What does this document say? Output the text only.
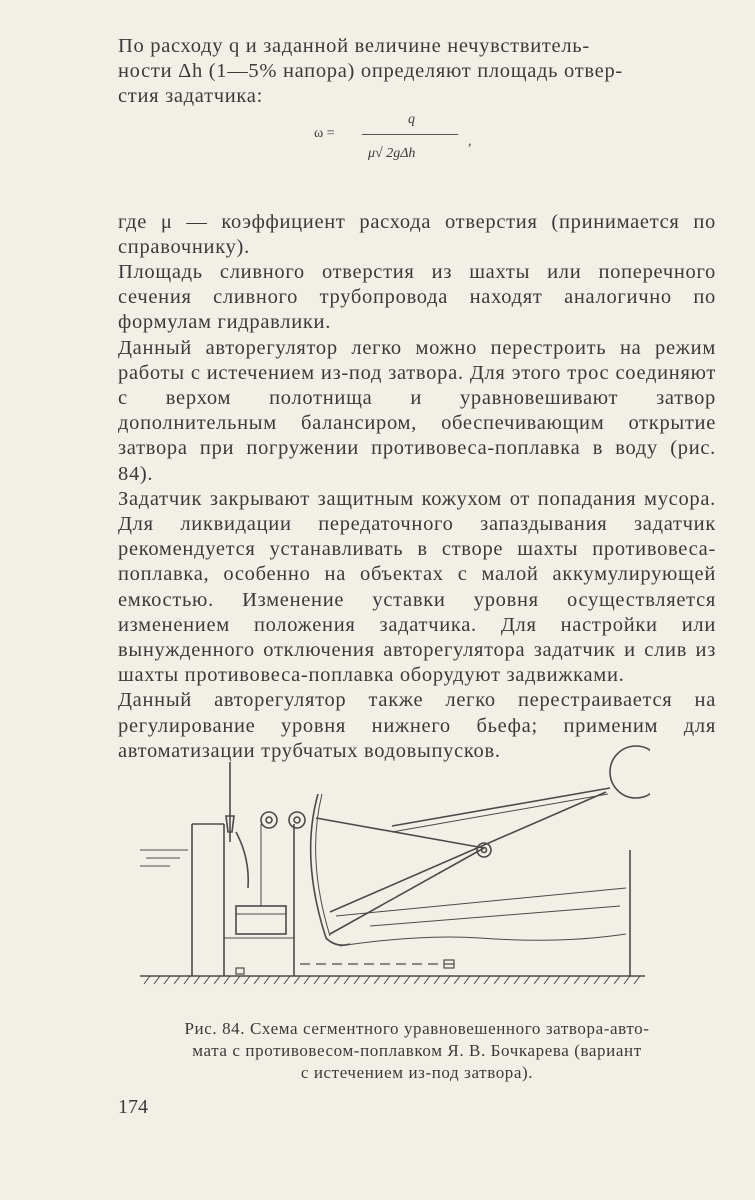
По расходу q и заданной величине нечувствитель-
ности Δh (1—5% напора) определяют площадь отвер-
стия задатчика:

где μ — коэффициент расхода отверстия (принимается по справочнику).

Площадь сливного отверстия из шахты или поперечного сечения сливного трубопровода находят аналогично по формулам гидравлики.

Данный авторегулятор легко можно перестроить на режим работы с истечением из-под затвора. Для этого трос соединяют с верхом полотнища и уравновешивают затвор дополнительным балансиром, обеспечивающим открытие затвора при погружении противовеса-поплавка в воду (рис. 84).

Задатчик закрывают защитным кожухом от попадания мусора. Для ликвидации передаточного запаздывания задатчик рекомендуется устанавливать в створе шахты противовеса-поплавка, особенно на объектах с малой аккумулирующей емкостью. Изменение уставки уровня осуществляется изменением положения задатчика. Для настройки или вынужденного отключения авторегулятора задатчик и слив из шахты противовеса-поплавка оборудуют задвижками.

Данный авторегулятор также легко перестраивается на регулирование уровня нижнего бьефа; применим для автоматизации трубчатых водовыпусков.

ω =
q
μ√ 2gΔh
,
Рис. 84. Схема сегментного уравновешенного затвора-авто-
мата с противовесом-поплавком Я. В. Бочкарева (вариант
с истечением из-под затвора).
174
